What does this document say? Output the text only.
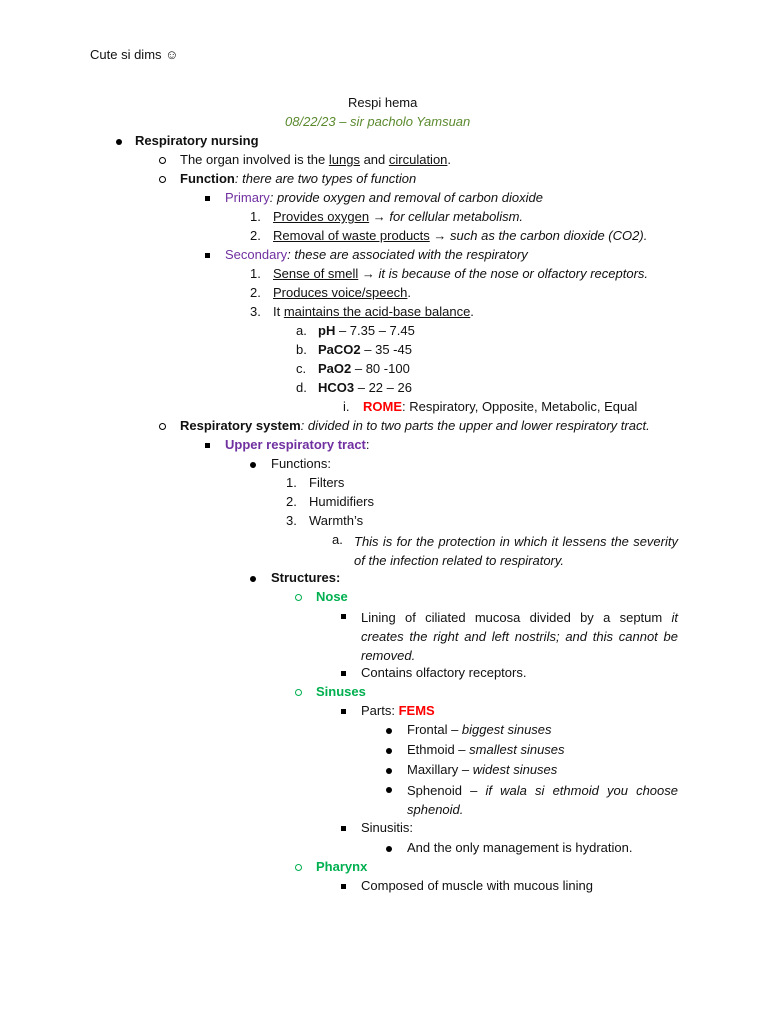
Cute si dims ☺
Respi hema
08/22/23 – sir pacholo Yamsuan
Respiratory nursing
The organ involved is the lungs and circulation.
Function: there are two types of function
Primary: provide oxygen and removal of carbon dioxide
1. Provides oxygen → for cellular metabolism.
2. Removal of waste products → such as the carbon dioxide (CO2).
Secondary: these are associated with the respiratory
1. Sense of smell → it is because of the nose or olfactory receptors.
2. Produces voice/speech.
3. It maintains the acid-base balance.
a. pH – 7.35 – 7.45
b. PaCO2 – 35 -45
c. PaO2 – 80 -100
d. HCO3 – 22 – 26
i. ROME: Respiratory, Opposite, Metabolic, Equal
Respiratory system: divided in to two parts the upper and lower respiratory tract.
Upper respiratory tract:
Functions:
1. Filters
2. Humidifiers
3. Warmth’s
a. This is for the protection in which it lessens the severity of the infection related to respiratory.
Structures:
Nose
Lining of ciliated mucosa divided by a septum it creates the right and left nostrils; and this cannot be removed.
Contains olfactory receptors.
Sinuses
Parts: FEMS
Frontal – biggest sinuses
Ethmoid – smallest sinuses
Maxillary – widest sinuses
Sphenoid – if wala si ethmoid you choose sphenoid.
Sinusitis:
And the only management is hydration.
Pharynx
Composed of muscle with mucous lining
